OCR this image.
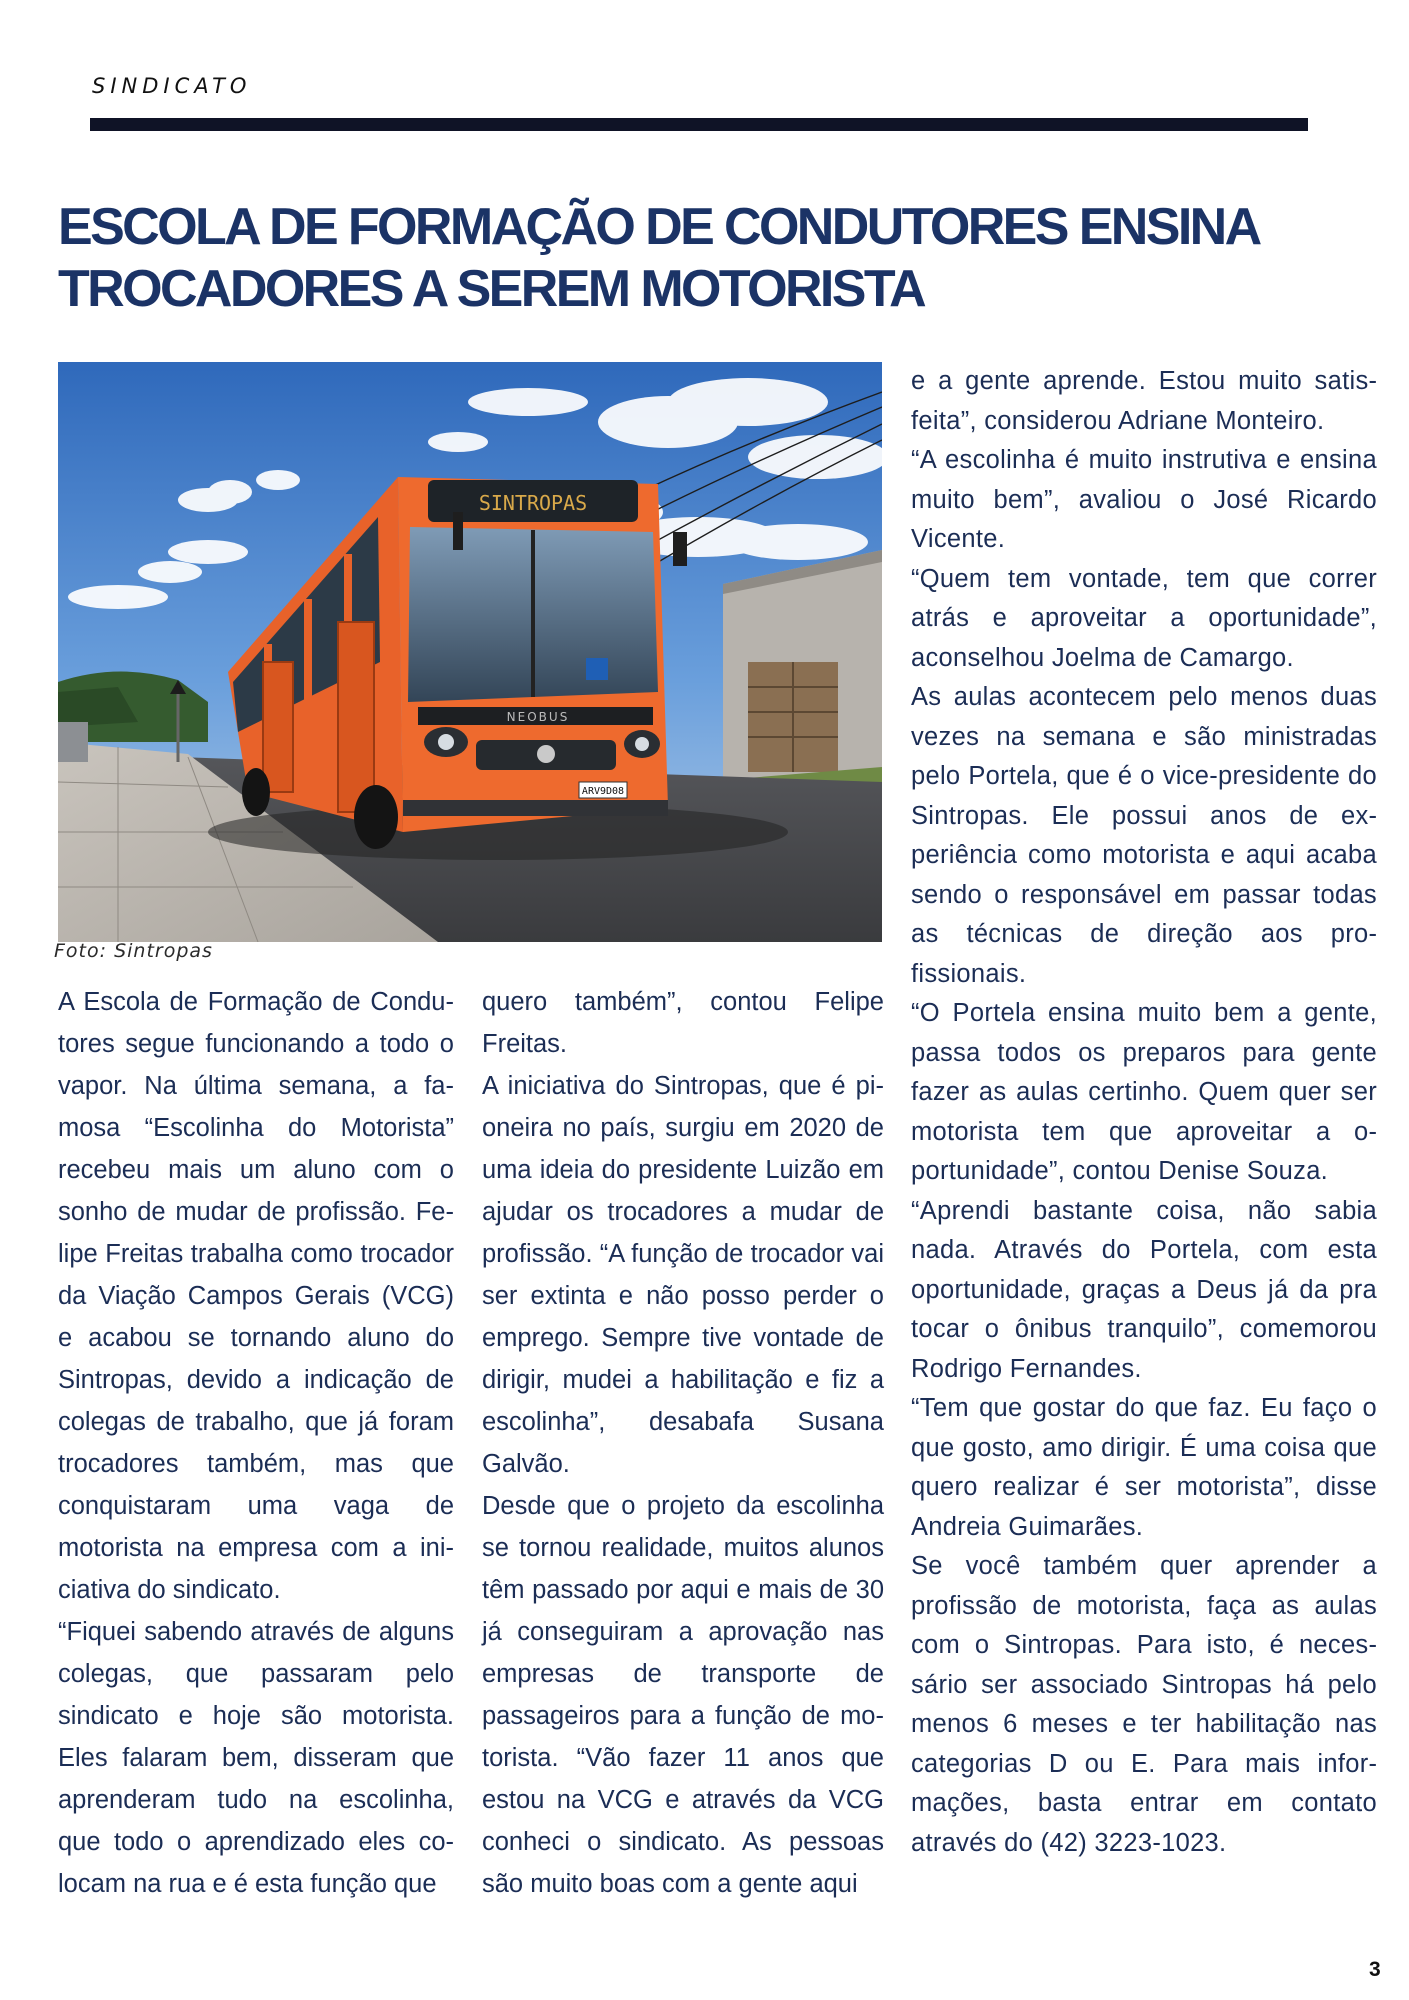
SINDICATO
ESCOLA DE FORMAÇÃO DE CONDUTORES ENSINA
TROCADORES A SEREM MOTORISTA
SINTROPAS
NEOBUS
ARV9D08
Foto: Sintropas

A Escola de Formação de Condutores segue funcionando a todo o vapor. Na última semana, a famosa “Escolinha do Motorista” recebeu mais um aluno com o sonho de mudar de profissão. Felipe Freitas trabalha como trocador da Viação Campos Gerais (VCG) e acabou se tornando aluno do Sintropas, devido a indicação de colegas de trabalho, que já foram trocadores também, mas que conquistaram uma vaga de motorista na empresa com a iniciativa do sindicato.

“Fiquei sabendo através de alguns colegas, que passaram pelo sindicato e hoje são motorista. Eles falaram bem, disseram que aprenderam tudo na escolinha, que todo o aprendizado eles colocam na rua e é esta função que

quero também”, contou Felipe Freitas.

A iniciativa do Sintropas, que é pioneira no país, surgiu em 2020 de uma ideia do presidente Luizão em ajudar os trocadores a mudar de profissão. “A função de trocador vai ser extinta e não posso perder o emprego. Sempre tive vontade de dirigir, mudei a habilitação e fiz a escolinha”, desabafa Susana Galvão.

Desde que o projeto da escolinha se tornou realidade, muitos alunos têm passado por aqui e mais de 30 já conseguiram a aprovação nas empresas de transporte de passageiros para a função de motorista. “Vão fazer 11 anos que estou na VCG e através da VCG conheci o sindicato. As pessoas são muito boas com a gente aqui

e a gente aprende. Estou muito satisfeita”, considerou Adriane Monteiro.

“A escolinha é muito instrutiva e ensina muito bem”, avaliou o José Ricardo Vicente.

“Quem tem vontade, tem que correr atrás e aproveitar a oportunidade”, aconselhou Joelma de Camargo.

As aulas acontecem pelo menos duas vezes na semana e são ministradas pelo Portela, que é o vice-presidente do Sintropas. Ele possui anos de experiência como motorista e aqui acaba sendo o responsável em passar todas as técnicas de direção aos profissionais.

“O Portela ensina muito bem a gente, passa todos os preparos para gente fazer as aulas certinho. Quem quer ser motorista tem que aproveitar a oportunidade”, contou Denise Souza.

“Aprendi bastante coisa, não sabia nada. Através do Portela, com esta oportunidade, graças a Deus já da pra tocar o ônibus tranquilo”, comemorou Rodrigo Fernandes.

“Tem que gostar do que faz. Eu faço o que gosto, amo dirigir. É uma coisa que quero realizar é ser motorista”, disse Andreia Guimarães.

Se você também quer aprender a profissão de motorista, faça as aulas com o Sintropas. Para isto, é necessário ser associado Sintropas há pelo menos 6 meses e ter habilitação nas categorias D ou E. Para mais informações, basta entrar em contato através do (42) 3223-1023.

3
